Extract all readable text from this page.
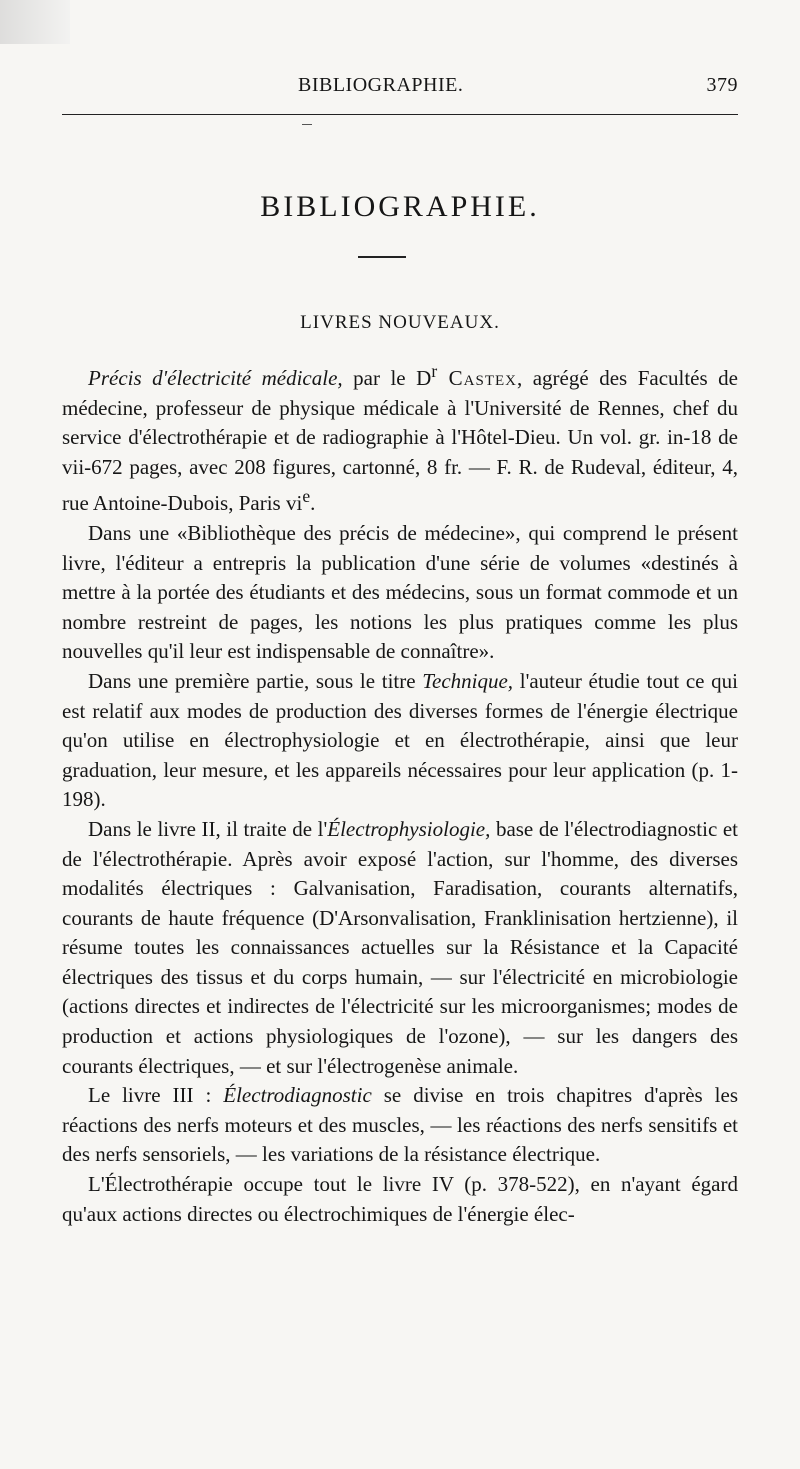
BIBLIOGRAPHIE.	379
BIBLIOGRAPHIE.
LIVRES NOUVEAUX.

Précis d'électricité médicale, par le $D^r$ Castex, agrégé des Facultés de médecine, professeur de physique médicale à l'Université de Rennes, chef du service d'électrothérapie et de radiographie à l'Hôtel-Dieu. Un vol. gr. in-18 de vii-672 pages, avec 208 figures, cartonné, 8 fr. — F. R. de Rudeval, éditeur, 4, rue Antoine-Dubois, Paris $vi^e$.

Dans une «Bibliothèque des précis de médecine», qui comprend le présent livre, l'éditeur a entrepris la publication d'une série de volumes «destinés à mettre à la portée des étudiants et des médecins, sous un format commode et un nombre restreint de pages, les notions les plus pratiques comme les plus nouvelles qu'il leur est indispensable de connaître».

Dans une première partie, sous le titre Technique, l'auteur étudie tout ce qui est relatif aux modes de production des diverses formes de l'énergie électrique qu'on utilise en électrophysiologie et en électrothérapie, ainsi que leur graduation, leur mesure, et les appareils nécessaires pour leur application (p. 1-198).

Dans le livre II, il traite de l'Électrophysiologie, base de l'électrodiagnostic et de l'électrothérapie. Après avoir exposé l'action, sur l'homme, des diverses modalités électriques : Galvanisation, Faradisation, courants alternatifs, courants de haute fréquence (D'Arsonvalisation, Franklinisation hertzienne), il résume toutes les connaissances actuelles sur la Résistance et la Capacité électriques des tissus et du corps humain, — sur l'électricité en microbiologie (actions directes et indirectes de l'électricité sur les microorganismes; modes de production et actions physiologiques de l'ozone), — sur les dangers des courants électriques, — et sur l'électrogenèse animale.

Le livre III : Électrodiagnostic se divise en trois chapitres d'après les réactions des nerfs moteurs et des muscles, — les réactions des nerfs sensitifs et des nerfs sensoriels, — les variations de la résistance électrique.

L'Électrothérapie occupe tout le livre IV (p. 378-522), en n'ayant égard qu'aux actions directes ou électrochimiques de l'énergie élec-
